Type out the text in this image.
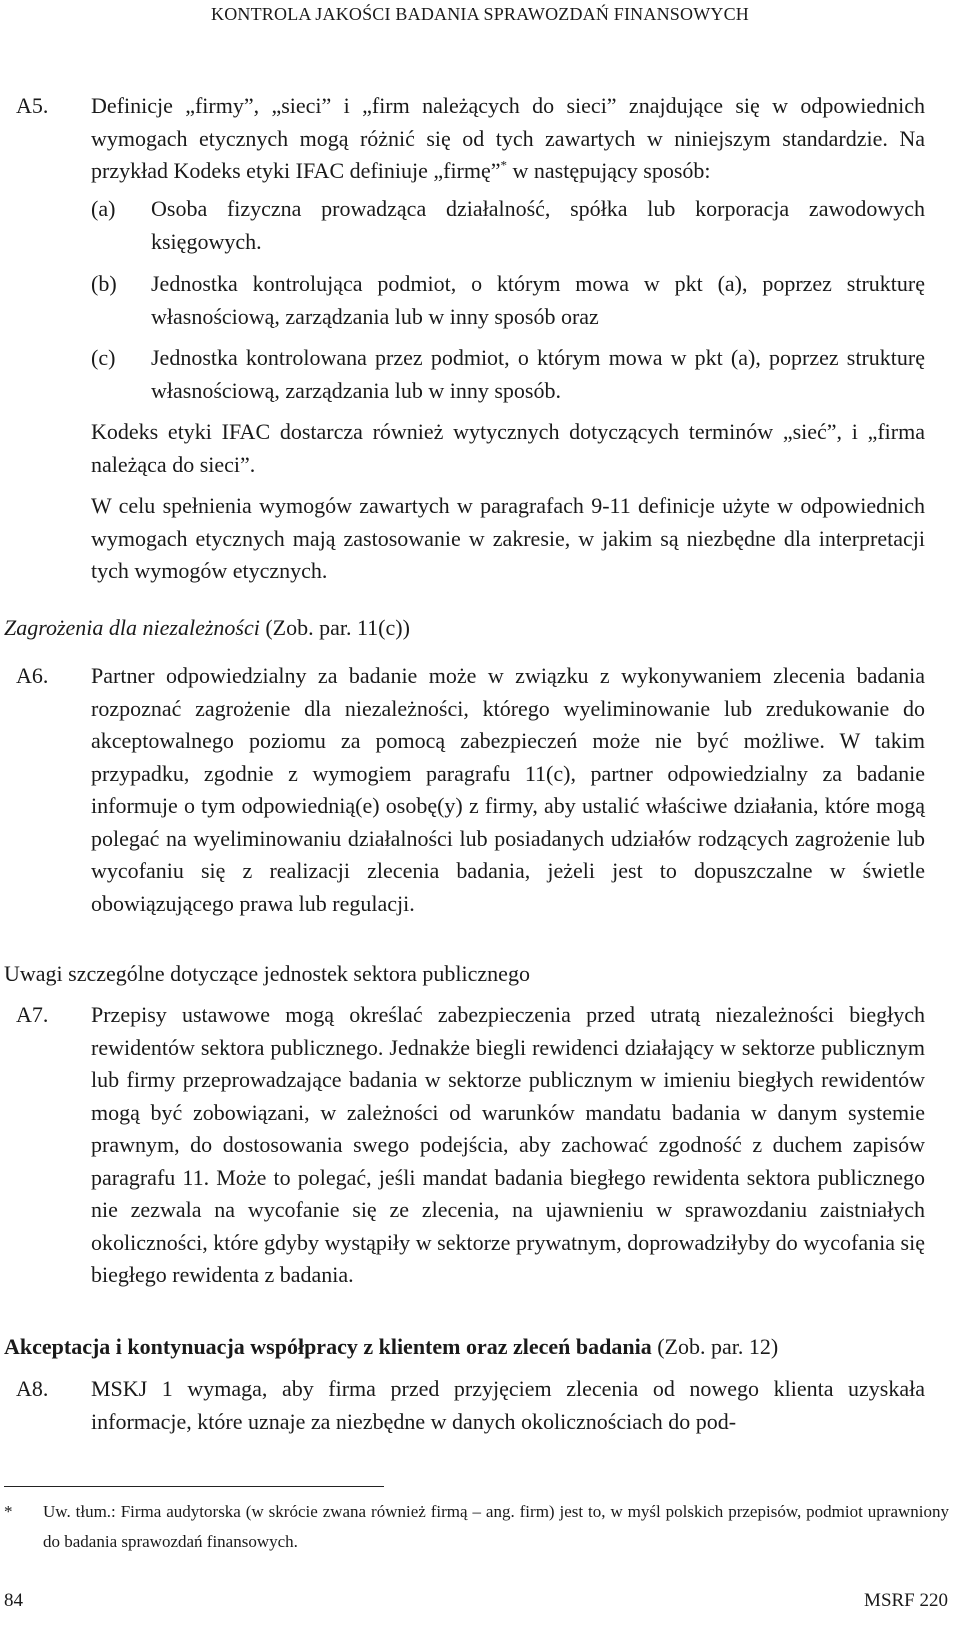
KONTROLA JAKOŚCI BADANIA SPRAWOZDAŃ FINANSOWYCH
A5. Definicje „firmy”, „sieci” i „firm należących do sieci” znajdujące się w odpowiednich wymogach etycznych mogą różnić się od tych zawartych w niniejszym standardzie. Na przykład Kodeks etyki IFAC definiuje „firmę”* w następujący sposób:
(a) Osoba fizyczna prowadząca działalność, spółka lub korporacja zawodowych księgowych.
(b) Jednostka kontrolująca podmiot, o którym mowa w pkt (a), poprzez strukturę własnościową, zarządzania lub w inny sposób oraz
(c) Jednostka kontrolowana przez podmiot, o którym mowa w pkt (a), poprzez strukturę własnościową, zarządzania lub w inny sposób.
Kodeks etyki IFAC dostarcza również wytycznych dotyczących terminów „sieć”, i „firma należąca do sieci”.
W celu spełnienia wymogów zawartych w paragrafach 9-11 definicje użyte w odpowiednich wymogach etycznych mają zastosowanie w zakresie, w jakim są niezbędne dla interpretacji tych wymogów etycznych.
Zagrożenia dla niezależności (Zob. par. 11(c))
A6. Partner odpowiedzialny za badanie może w związku z wykonywaniem zlecenia badania rozpoznać zagrożenie dla niezależności, którego wyeliminowanie lub zredukowanie do akceptowalnego poziomu za pomocą zabezpieczeń może nie być możliwe. W takim przypadku, zgodnie z wymogiem paragrafu 11(c), partner odpowiedzialny za badanie informuje o tym odpowiednią(e) osobę(y) z firmy, aby ustalić właściwe działania, które mogą polegać na wyeliminowaniu działalności lub posiadanych udziałów rodzących zagrożenie lub wycofaniu się z realizacji zlecenia badania, jeżeli jest to dopuszczalne w świetle obowiązującego prawa lub regulacji.
Uwagi szczególne dotyczące jednostek sektora publicznego
A7. Przepisy ustawowe mogą określać zabezpieczenia przed utratą niezależności biegłych rewidentów sektora publicznego. Jednakże biegli rewidenci działający w sektorze publicznym lub firmy przeprowadzające badania w sektorze publicznym w imieniu biegłych rewidentów mogą być zobowiązani, w zależności od warunków mandatu badania w danym systemie prawnym, do dostosowania swego podejścia, aby zachować zgodność z duchem zapisów paragrafu 11. Może to polegać, jeśli mandat badania biegłego rewidenta sektora publicznego nie zezwala na wycofanie się ze zlecenia, na ujawnieniu w sprawozdaniu zaistniałych okoliczności, które gdyby wystąpiły w sektorze prywatnym, doprowadziłyby do wycofania się biegłego rewidenta z badania.
Akceptacja i kontynuacja współpracy z klientem oraz zleceń badania (Zob. par. 12)
A8. MSKJ 1 wymaga, aby firma przed przyjęciem zlecenia od nowego klienta uzyskała informacje, które uznaje za niezbędne w danych okolicznościach do pod-
* Uw. tłum.: Firma audytorska (w skrócie zwana również firmą – ang. firm) jest to, w myśl polskich przepisów, podmiot uprawniony do badania sprawozdań finansowych.
84	MSRF 220
